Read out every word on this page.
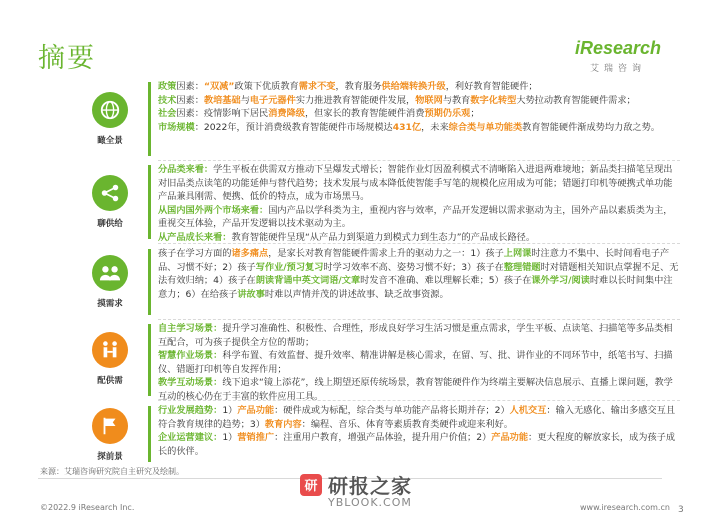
摘要	iResearch
艾瑞咨询
瞰全景

政策因素：“双减”政策下优质教育需求不变，教育服务供给端转换升级，利好教育智能硬件；

技术因素：教培基础与电子元器件实力推进教育智能硬件发展，物联网与教育数字化转型大势拉动教育智能硬件需求；

社会因素：疫情影响下居民消费降级，但家长的教育智能硬件消费预期仍乐观；

市场规模：2022年，预计消费级教育智能硬件市场规模达431亿，未来综合类与单功能类教育智能硬件渐成势均力敌之势。

聊供给

分品类来看：学生平板在供需双方推动下呈爆发式增长；智能作业灯因盈利模式不清晰陷入进退两难境地；新品类扫描笔呈现出对旧品类点读笔的功能延伸与替代趋势；技术发展与成本降低使智能手写笔的规模化应用成为可能；错题打印机等硬携式单功能产品兼具刚需、便携、低价的特点，成为市场黑马。

从国内国外两个市场来看：国内产品以学科类为主，重视内容与效率，产品开发逻辑以需求驱动为主，国外产品以素质类为主，重视交互体验，产品开发逻辑以技术驱动为主。

从产品成长来看：教育智能硬件呈现“从产品力到渠道力到模式力到生态力”的产品成长路径。

摸需求

孩子在学习方面的诸多痛点，是家长对教育智能硬件需求上升的驱动力之一：1）孩子上网课时注意力不集中、长时间看电子产品、习惯不好；2）孩子写作业/预习复习时学习效率不高、姿势习惯不好；3）孩子在整理错题时对错题相关知识点掌握不足、无法有效归纳；4）孩子在朗读背诵中英文词语/文章时发音不准确、难以理解长难；5）孩子在课外学习/阅读时难以长时间集中注意力；6）在给孩子讲故事时难以声情并茂的讲述故事、缺乏故事资源。

配供需

自主学习场景：提升学习准确性、积极性、合理性，形成良好学习生活习惯是重点需求，学生平板、点读笔、扫描笔等多品类相互配合，可为孩子提供全方位的帮助；

智慧作业场景：科学布置、有效监督、提升效率、精准讲解是核心需求，在留、写、批、讲作业的不同环节中，纸笔书写、扫描仪、错题打印机等自发挥作用；

教学互动场景：线下追求“镜上添花”，线上期望还原传统场景，教育智能硬件作为终端主要解决信息展示、直播上课问题，教学互动的核心仍在于丰富的软件应用工具。

探前景

行业发展趋势：1）产品功能：硬件成或为标配，综合类与单功能产品将长期并存；2）人机交互：输入无感化、输出多感交互且符合教育规律的趋势；3）教育内容：编程、音乐、体育等素质教育类硬件或迎来利好。

企业运营建议：1）营销推广：注重用户教育，增强产品体验，提升用户价值；2）产品功能：更大程度的解放家长，成为孩子成长的伙伴。

来源：艾瑞咨询研究院自主研究及绘制。
©2022.9 iResearch Inc.	www.iresearch.com.cn 3
研 研报之家
YBLOOK.COM
